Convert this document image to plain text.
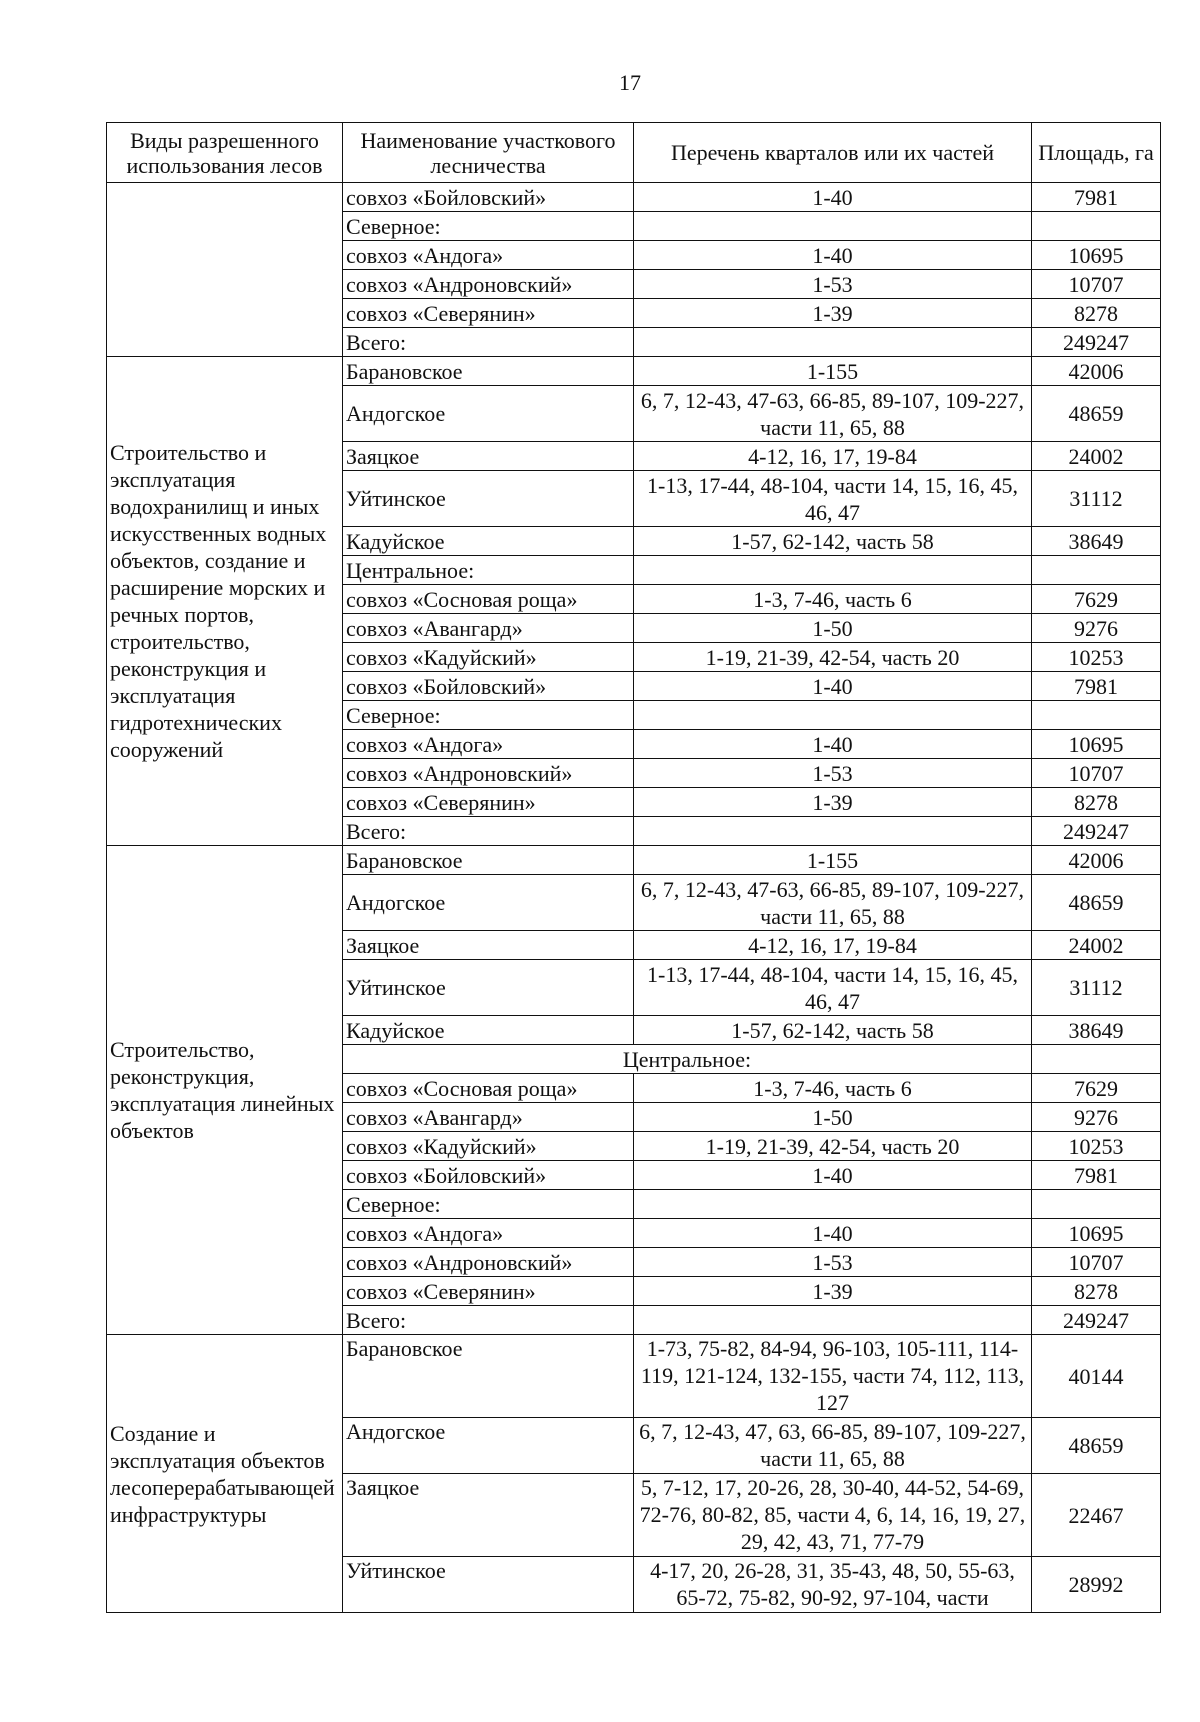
17
Виды разрешенного использования лесов	Наименование участкового лесничества	Перечень кварталов или их частей	Площадь, га
	совхоз «Бойловский»	1-40	7981
	Северное:		
	совхоз «Андога»	1-40	10695
	совхоз «Андроновский»	1-53	10707
	совхоз «Северянин»	1-39	8278
	Всего:		249247
Строительство и эксплуатация водохранилищ и иных искусственных водных объектов, создание и расширение морских и речных портов, строительство, реконструкция и эксплуатация гидротехнических сооружений	Барановское	1-155	42006
	Андогское	6, 7, 12-43, 47-63, 66-85, 89-107, 109-227, части 11, 65, 88	48659
	Заяцкое	4-12, 16, 17, 19-84	24002
	Уйтинское	1-13, 17-44, 48-104, части 14, 15, 16, 45, 46, 47	31112
	Кадуйское	1-57, 62-142, часть 58	38649
	Центральное:		
	совхоз «Сосновая роща»	1-3, 7-46, часть 6	7629
	совхоз «Авангард»	1-50	9276
	совхоз «Кадуйский»	1-19, 21-39, 42-54, часть 20	10253
	совхоз «Бойловский»	1-40	7981
	Северное:		
	совхоз «Андога»	1-40	10695
	совхоз «Андроновский»	1-53	10707
	совхоз «Северянин»	1-39	8278
	Всего:		249247
Строительство, реконструкция, эксплуатация линейных объектов	Барановское	1-155	42006
	Андогское	6, 7, 12-43, 47-63, 66-85, 89-107, 109-227, части 11, 65, 88	48659
	Заяцкое	4-12, 16, 17, 19-84	24002
	Уйтинское	1-13, 17-44, 48-104, части 14, 15, 16, 45, 46, 47	31112
	Кадуйское	1-57, 62-142, часть 58	38649
	Центральное:		
	совхоз «Сосновая роща»	1-3, 7-46, часть 6	7629
	совхоз «Авангард»	1-50	9276
	совхоз «Кадуйский»	1-19, 21-39, 42-54, часть 20	10253
	совхоз «Бойловский»	1-40	7981
	Северное:		
	совхоз «Андога»	1-40	10695
	совхоз «Андроновский»	1-53	10707
	совхоз «Северянин»	1-39	8278
	Всего:		249247
Создание и эксплуатация объектов лесоперерабатывающей инфраструктуры	Барановское	1-73, 75-82, 84-94, 96-103, 105-111, 114-119, 121-124, 132-155, части 74, 112, 113, 127	40144
	Андогское	6, 7, 12-43, 47, 63, 66-85, 89-107, 109-227, части 11, 65, 88	48659
	Заяцкое	5, 7-12, 17, 20-26, 28, 30-40, 44-52, 54-69, 72-76, 80-82, 85, части 4, 6, 14, 16, 19, 27, 29, 42, 43, 71, 77-79	22467
	Уйтинское	4-17, 20, 26-28, 31, 35-43, 48, 50, 55-63, 65-72, 75-82, 90-92, 97-104, части	28992
